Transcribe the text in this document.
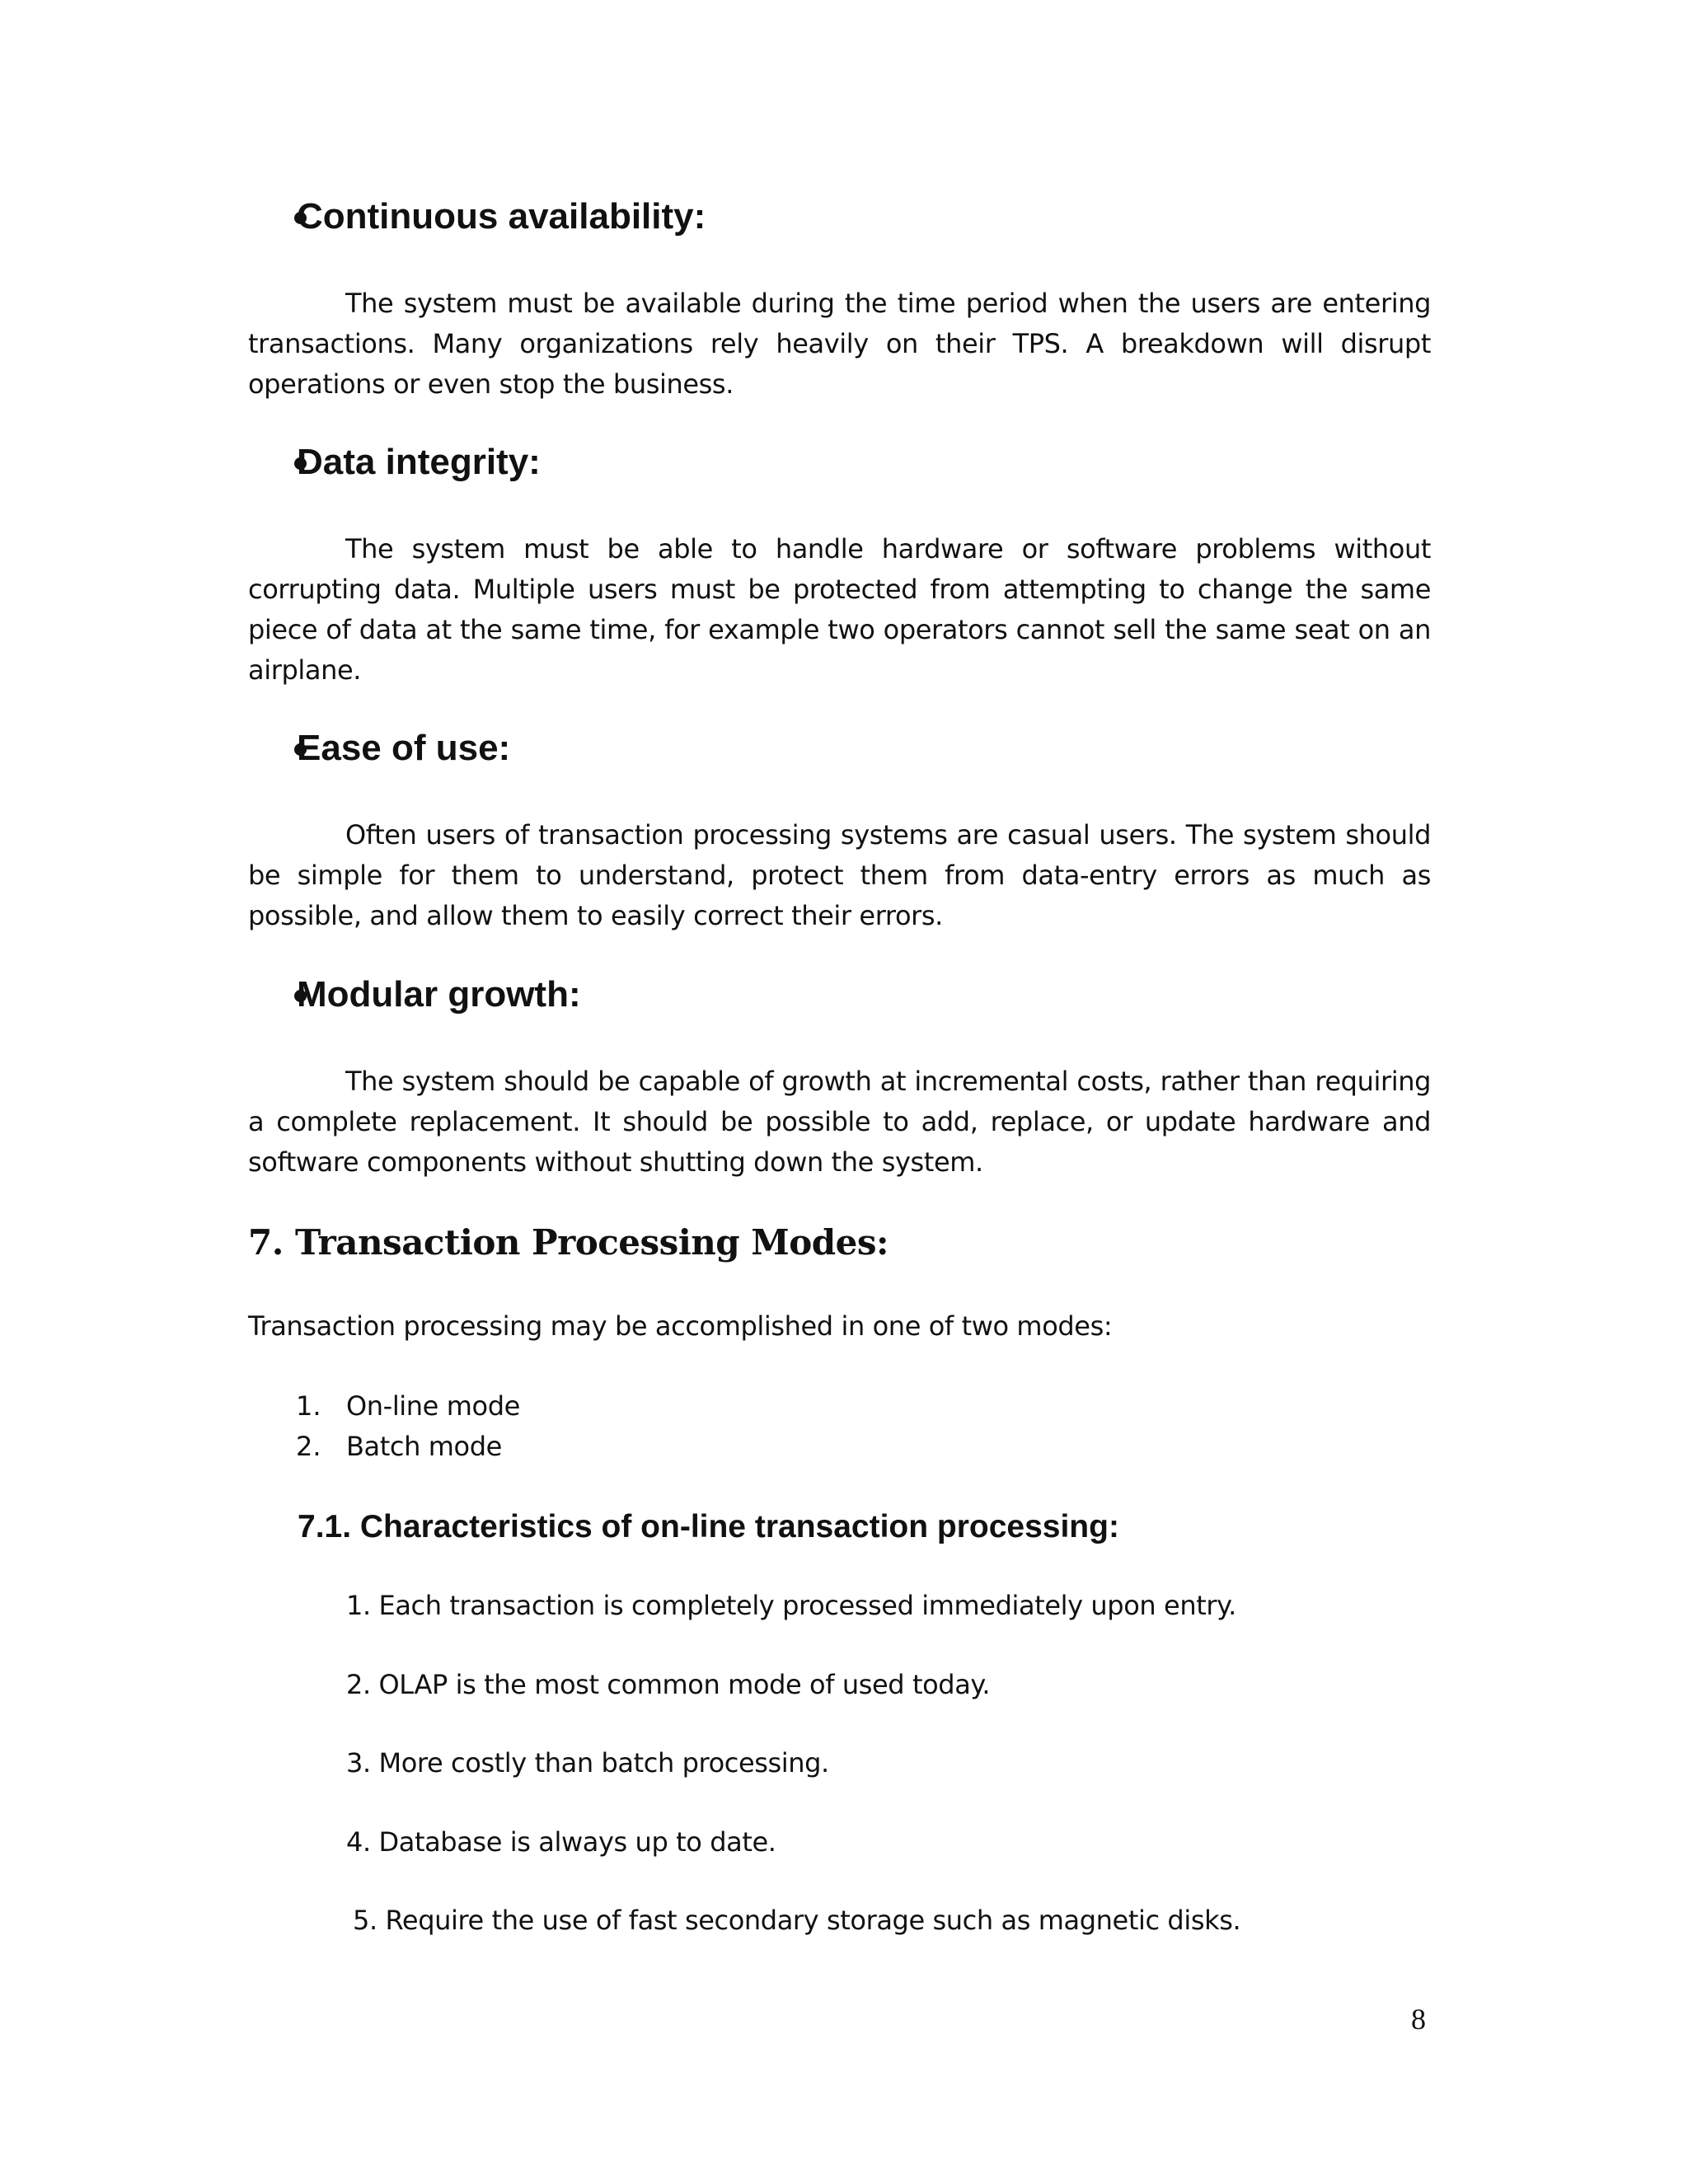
Continuous availability:

The system must be available during the time period when the users are entering transactions. Many organizations rely heavily on their TPS. A breakdown will disrupt operations or even stop the business.

Data integrity:

The system must be able to handle hardware or software problems without corrupting data. Multiple users must be protected from attempting to change the same piece of data at the same time, for example two operators cannot sell the same seat on an airplane.

Ease of use:

Often users of transaction processing systems are casual users. The system should be simple for them to understand, protect them from data-entry errors as much as possible, and allow them to easily correct their errors.

Modular growth:

The system should be capable of growth at incremental costs, rather than requiring a complete replacement. It should be possible to add, replace, or update hardware and software components without shutting down the system.

7. Transaction Processing Modes:
Transaction processing may be accomplished in one of two modes:
1. On-line mode
2. Batch mode
7.1. Characteristics of on-line transaction processing:
1. Each transaction is completely processed immediately upon entry.
2. OLAP is the most common mode of used today.
3. More costly than batch processing.
4. Database is always up to date.
5. Require the use of fast secondary storage such as magnetic disks.
8
